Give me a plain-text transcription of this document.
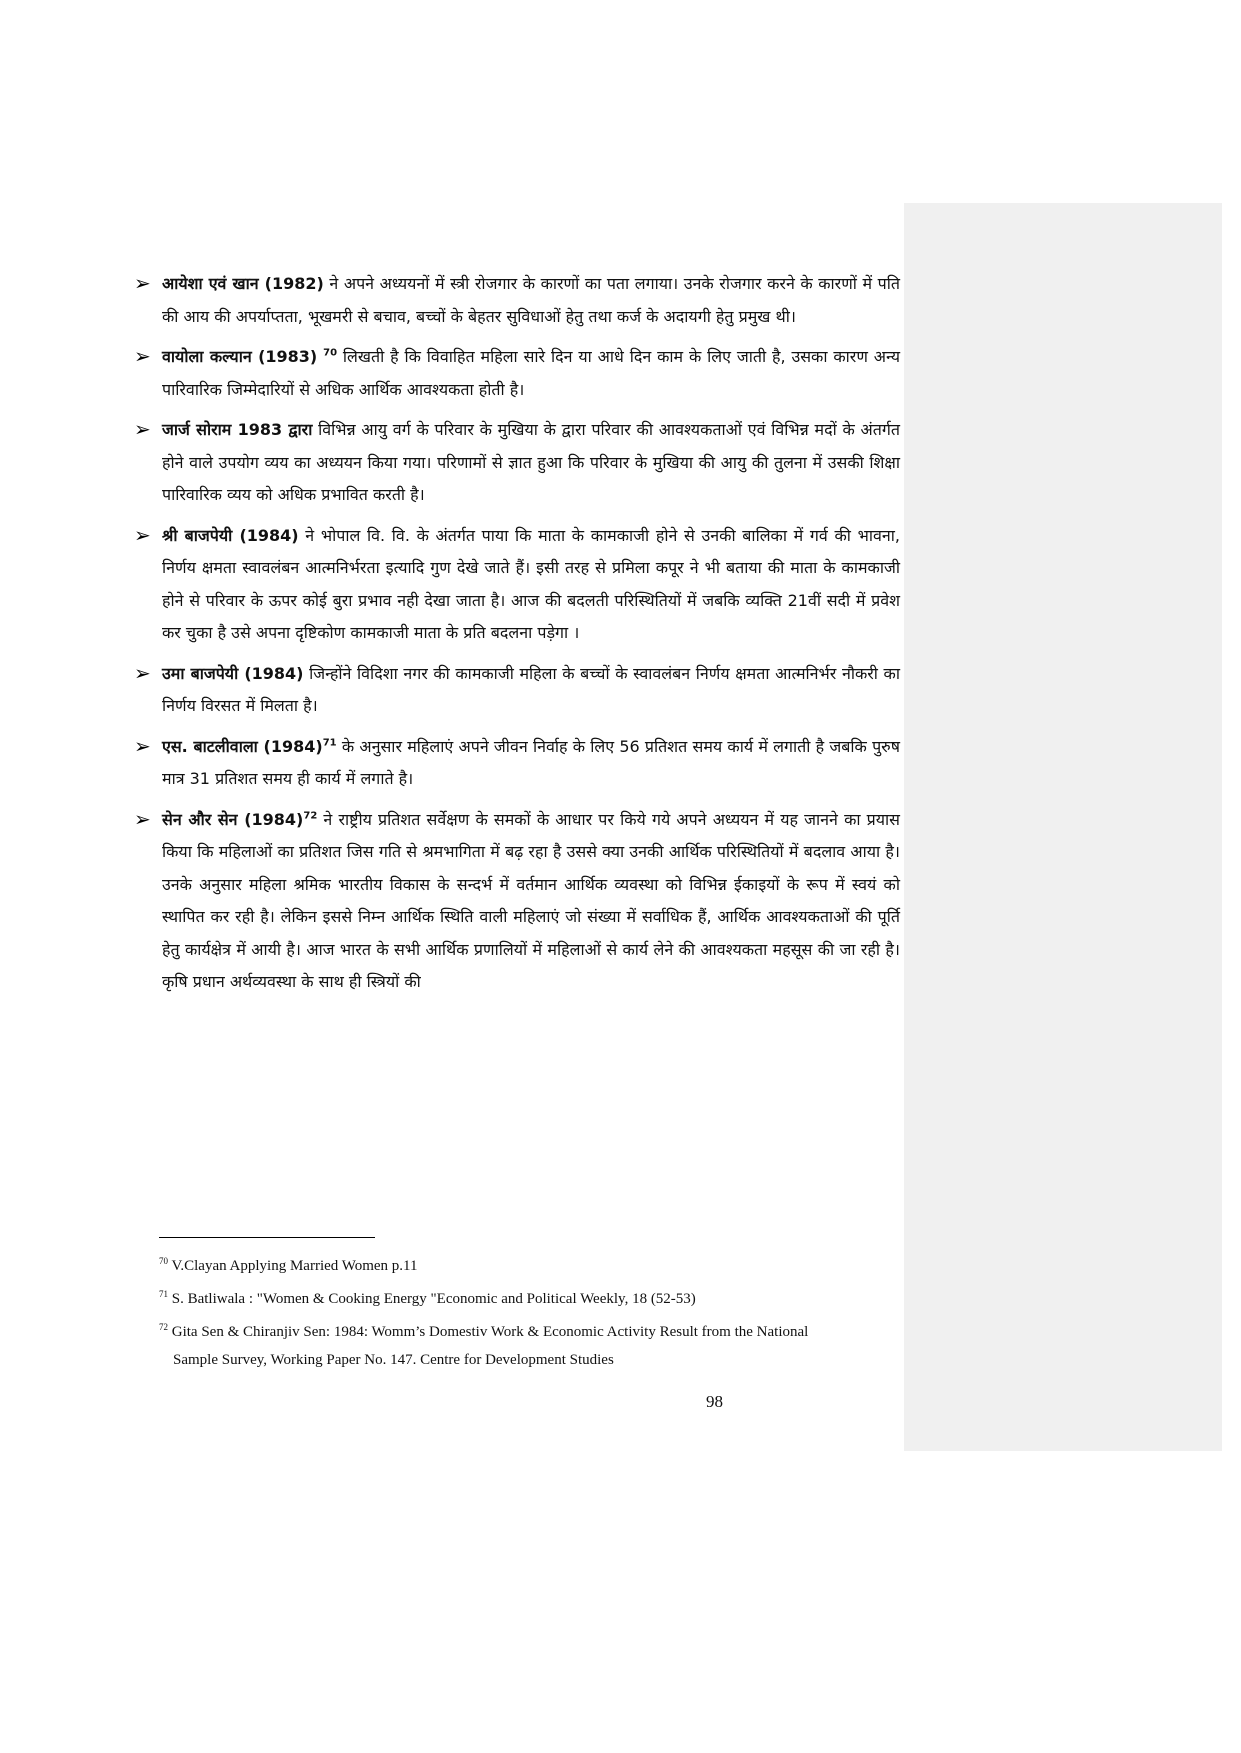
➢ आयेशा एवं खान (1982) ने अपने अध्ययनों में स्त्री रोजगार के कारणों का पता लगाया। उनके रोजगार करने के कारणों में पति की आय की अपर्याप्तता, भूखमरी से बचाव, बच्चों के बेहतर सुविधाओं हेतु तथा कर्ज के अदायगी हेतु प्रमुख थी।

➢ वायोला कल्यान (1983) $^{70}$ लिखती है कि विवाहित महिला सारे दिन या आधे दिन काम के लिए जाती है, उसका कारण अन्य पारिवारिक जिम्मेदारियों से अधिक आर्थिक आवश्यकता होती है।

➢ जार्ज सोराम 1983 द्वारा विभिन्न आयु वर्ग के परिवार के मुखिया के द्वारा परिवार की आवश्यकताओं एवं विभिन्न मदों के अंतर्गत होने वाले उपयोग व्यय का अध्ययन किया गया। परिणामों से ज्ञात हुआ कि परिवार के मुखिया की आयु की तुलना में उसकी शिक्षा पारिवारिक व्यय को अधिक प्रभावित करती है।

➢ श्री बाजपेयी (1984) ने भोपाल वि. वि. के अंतर्गत पाया कि माता के कामकाजी होने से उनकी बालिका में गर्व की भावना, निर्णय क्षमता स्वावलंबन आत्मनिर्भरता इत्यादि गुण देखे जाते हैं। इसी तरह से प्रमिला कपूर ने भी बताया की माता के कामकाजी होने से परिवार के ऊपर कोई बुरा प्रभाव नही देखा जाता है। आज की बदलती परिस्थितियों में जबकि व्यक्ति 21वीं सदी में प्रवेश कर चुका है उसे अपना दृष्टिकोण कामकाजी माता के प्रति बदलना पड़ेगा ।

➢ उमा बाजपेयी (1984) जिन्होंने विदिशा नगर की कामकाजी महिला के बच्चों के स्वावलंबन निर्णय क्षमता आत्मनिर्भर नौकरी का निर्णय विरसत में मिलता है।

➢ एस. बाटलीवाला $(1984)^{71}$ के अनुसार महिलाएं अपने जीवन निर्वाह के लिए 56 प्रतिशत समय कार्य में लगाती है जबकि पुरुष मात्र 31 प्रतिशत समय ही कार्य में लगाते है।

➢ सेन और सेन $(1984)^{72}$ ने राष्ट्रीय प्रतिशत सर्वेक्षण के समकों के आधार पर किये गये अपने अध्ययन में यह जानने का प्रयास किया कि महिलाओं का प्रतिशत जिस गति से श्रमभागिता में बढ़ रहा है उससे क्या उनकी आर्थिक परिस्थितियों में बदलाव आया है। उनके अनुसार महिला श्रमिक भारतीय विकास के सन्दर्भ में वर्तमान आर्थिक व्यवस्था को विभिन्न ईकाइयों के रूप में स्वयं को स्थापित कर रही है। लेकिन इससे निम्न आर्थिक स्थिति वाली महिलाएं जो संख्या में सर्वाधिक हैं, आर्थिक आवश्यकताओं की पूर्ति हेतु कार्यक्षेत्र में आयी है। आज भारत के सभी आर्थिक प्रणालियों में महिलाओं से कार्य लेने की आवश्यकता महसूस की जा रही है। कृषि प्रधान अर्थव्यवस्था के साथ ही स्त्रियों की

$^{70}$ V.Clayan Applying Married Women p.11
$^{71}$ S. Batliwala : "Women & Cooking Energy "Economic and Political Weekly, 18 (52-53)
$^{72}$ Gita Sen & Chiranjiv Sen: 1984: Womm’s Domestiv Work & Economic Activity Result from the National
Sample Survey, Working Paper No. 147. Centre for Development Studies
98
